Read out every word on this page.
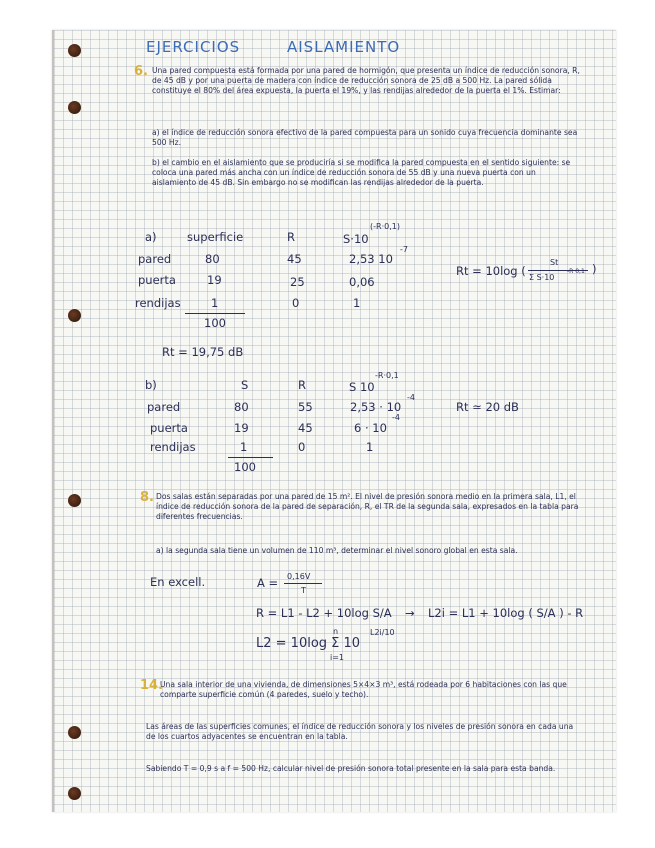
EJERCICIOS	AISLAMIENTO
6. Una pared compuesta está formada por una pared de hormigón, que presenta un índice de reducción sonora, R, de 45 dB y por una puerta de madera con índice de reducción sonora de 25 dB a 500 Hz. La pared sólida constituye el 80% del área expuesta, la puerta el 19%, y las rendijas alrededor de la puerta el 1%. Estimar:
a) el índice de reducción sonora efectivo de la pared compuesta para un sonido cuya frecuencia dominante sea 500 Hz.
b) el cambio en el aislamiento que se produciría si se modifica la pared compuesta en el sentido siguiente: se coloca una pared más ancha con un índice de reducción sonora de 55 dB y una nueva puerta con un aislamiento de 45 dB. Sin embargo no se modifican las rendijas alrededor de la puerta.
a)	superficie	R	S·10
(-R·0,1)
pared	80	45	2,53 10
-7
puerta	19	25	0,06
rendijas	1	0	1
100
Rt = 10log (
St
Σ S·10
-R·0,1 )
Rt = 19,75 dB
b)	S	R	S 10
-R·0,1
pared	80	55	2,53 · 10
-4
puerta	19	45	6 · 10
-4
rendijas	1	0	1
100
Rt ≃ 20 dB
8. Dos salas están separadas por una pared de 15 m². El nivel de presión sonora medio en la primera sala, L1, el índice de reducción sonora de la pared de separación, R, el TR de la segunda sala, expresados en la tabla para diferentes frecuencias.
a) la segunda sala tiene un volumen de 110 m³, determinar el nivel sonoro global en esta sala.
En excell.	A = 0,16V
T
R = L1 - L2 + 10log S/A → L2i = L1 + 10log ( S/A ) - R
L2 = 10log Σ 10
n
i=1
L2i/10
14.
Una sala interior de una vivienda, de dimensiones 5×4×3 m³, está rodeada por 6 habitaciones con las que comparte superficie común (4 paredes, suelo y techo).
Las áreas de las superficies comunes, el índice de reducción sonora y los niveles de presión sonora en cada una de los cuartos adyacentes se encuentran en la tabla.
Sabiendo T = 0,9 s a f = 500 Hz, calcular nivel de presión sonora total presente en la sala para esta banda.
